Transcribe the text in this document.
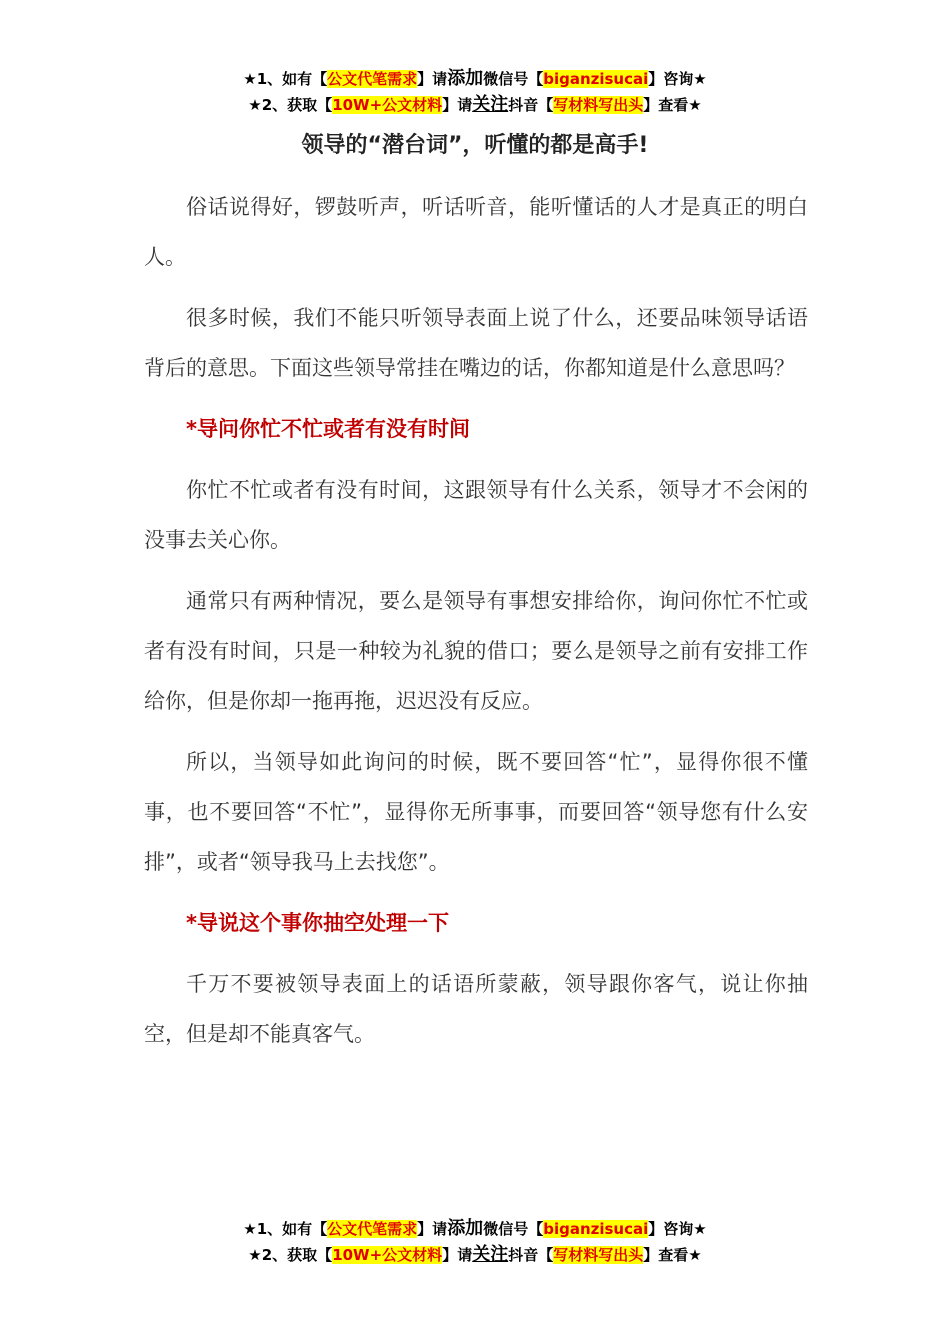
★1、如有【公文代笔需求】请添加微信号【biganzisucai】咨询★
★2、获取【10W+公文材料】请关注抖音【写材料写出头】查看★
领导的“潜台词”，听懂的都是高手!

俗话说得好，锣鼓听声，听话听音，能听懂话的人才是真正的明白人。

很多时候，我们不能只听领导表面上说了什么，还要品味领导话语背后的意思。下面这些领导常挂在嘴边的话，你都知道是什么意思吗？

*导问你忙不忙或者有没有时间

你忙不忙或者有没有时间，这跟领导有什么关系，领导才不会闲的没事去关心你。

通常只有两种情况，要么是领导有事想安排给你，询问你忙不忙或者有没有时间，只是一种较为礼貌的借口；要么是领导之前有安排工作给你，但是你却一拖再拖，迟迟没有反应。

所以，当领导如此询问的时候，既不要回答“忙”，显得你很不懂事，也不要回答“不忙”，显得你无所事事，而要回答“领导您有什么安排”，或者“领导我马上去找您”。

*导说这个事你抽空处理一下

千万不要被领导表面上的话语所蒙蔽，领导跟你客气，说让你抽空，但是却不能真客气。

★1、如有【公文代笔需求】请添加微信号【biganzisucai】咨询★
★2、获取【10W+公文材料】请关注抖音【写材料写出头】查看★
